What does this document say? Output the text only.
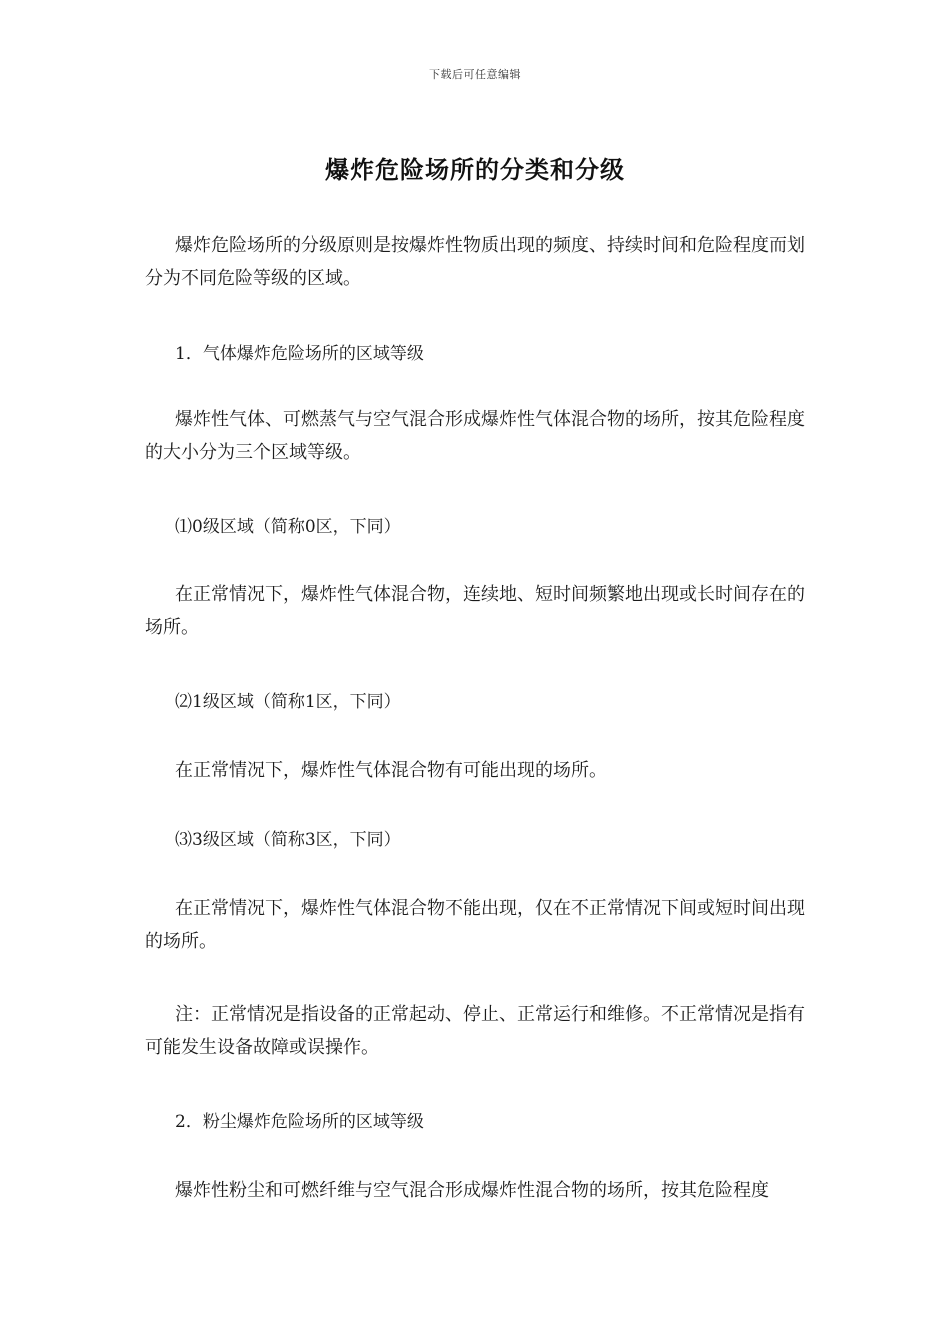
下载后可任意编辑
爆炸危险场所的分类和分级
爆炸危险场所的分级原则是按爆炸性物质出现的频度、持续时间和危险程度而划分为不同危险等级的区域。
1．气体爆炸危险场所的区域等级
爆炸性气体、可燃蒸气与空气混合形成爆炸性气体混合物的场所，按其危险程度的大小分为三个区域等级。
⑴0级区域（简称0区，下同）
在正常情况下，爆炸性气体混合物，连续地、短时间频繁地出现或长时间存在的场所。
⑵1级区域（简称1区，下同）
在正常情况下，爆炸性气体混合物有可能出现的场所。
⑶3级区域（简称3区，下同）
在正常情况下，爆炸性气体混合物不能出现，仅在不正常情况下间或短时间出现的场所。
注：正常情况是指设备的正常起动、停止、正常运行和维修。不正常情况是指有可能发生设备故障或误操作。
2．粉尘爆炸危险场所的区域等级
爆炸性粉尘和可燃纤维与空气混合形成爆炸性混合物的场所，按其危险程度
